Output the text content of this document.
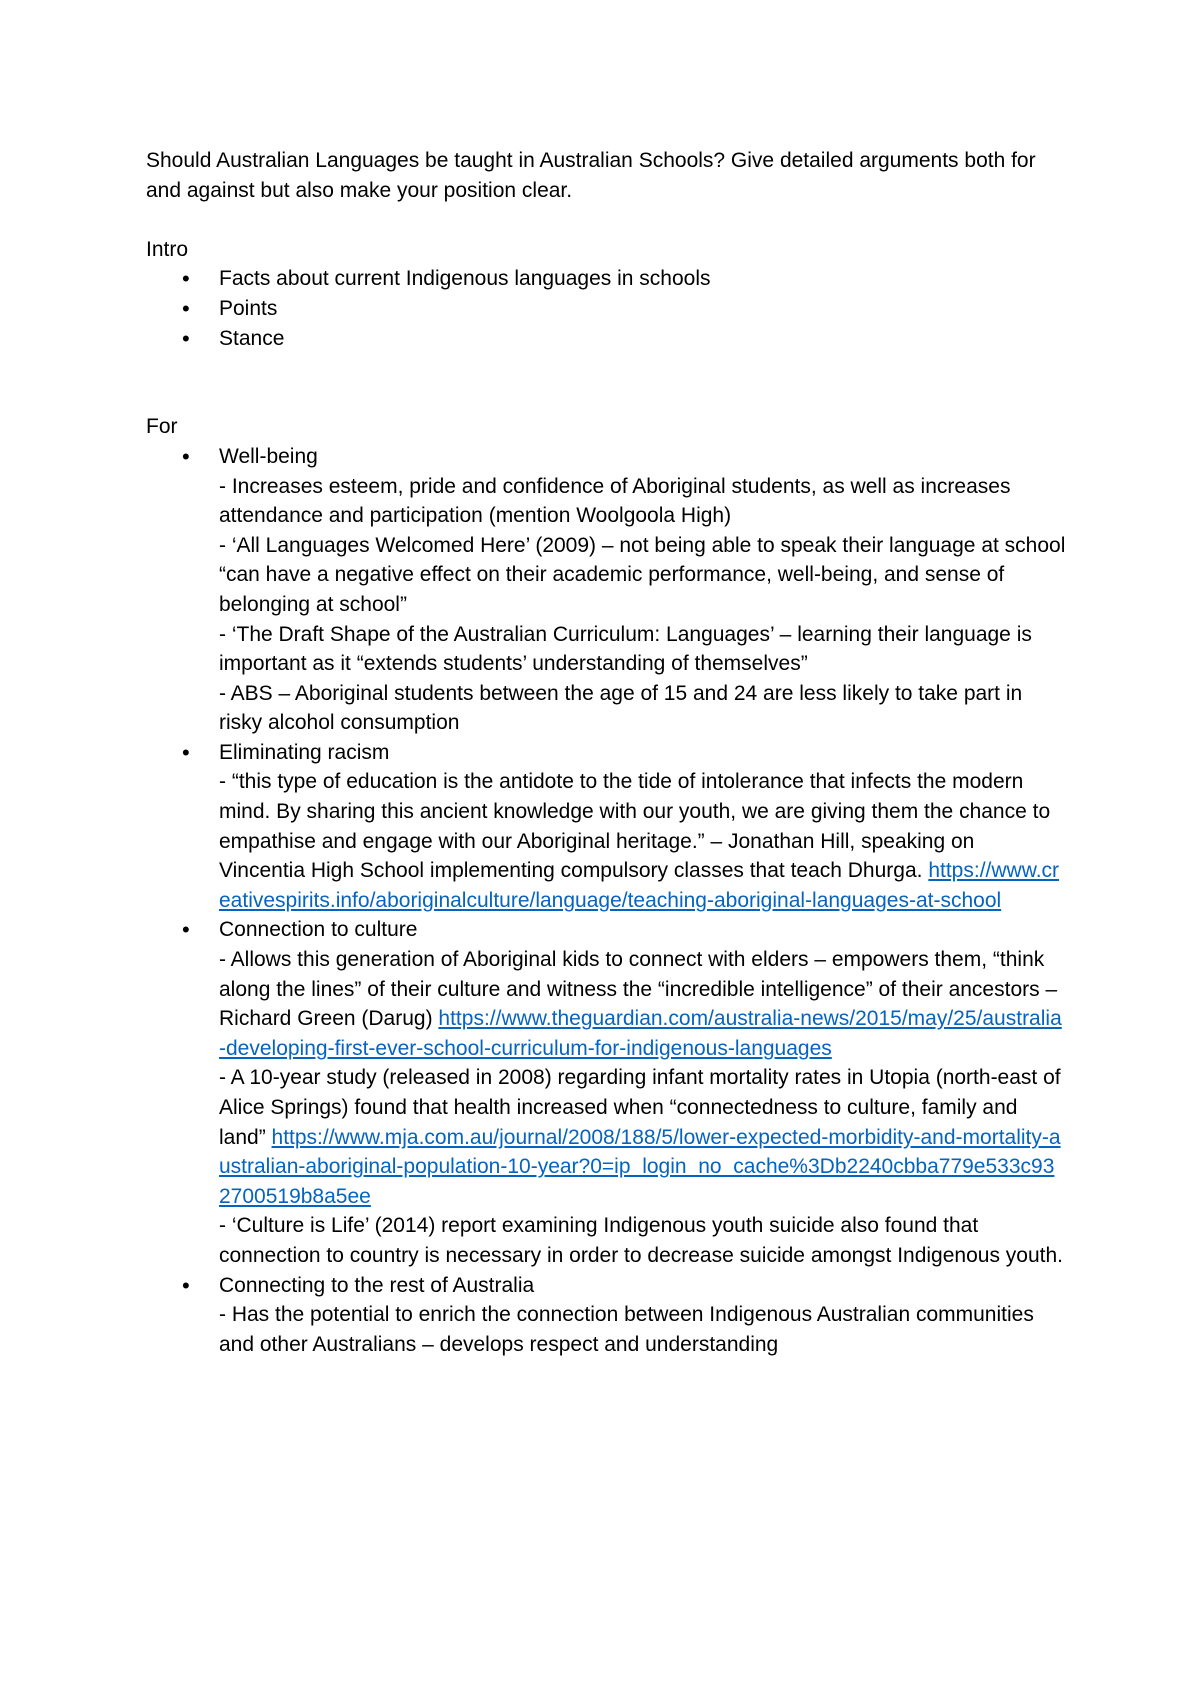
Should Australian Languages be taught in Australian Schools? Give detailed arguments both for and against but also make your position clear.

Intro

• Facts about current Indigenous languages in schools
• Points
• Stance

For

• Well-being
- Increases esteem, pride and confidence of Aboriginal students, as well as increases attendance and participation (mention Woolgoola High)
- ‘All Languages Welcomed Here’ (2009) – not being able to speak their language at school “can have a negative effect on their academic performance, well-being, and sense of belonging at school”
- ‘The Draft Shape of the Australian Curriculum: Languages’ – learning their language is important as it “extends students’ understanding of themselves”
- ABS – Aboriginal students between the age of 15 and 24 are less likely to take part in risky alcohol consumption
• Eliminating racism
- “this type of education is the antidote to the tide of intolerance that infects the modern mind. By sharing this ancient knowledge with our youth, we are giving them the chance to empathise and engage with our Aboriginal heritage.” – Jonathan Hill, speaking on Vincentia High School implementing compulsory classes that teach Dhurga. https://www.creativespirits.info/aboriginalculture/language/teaching-aboriginal-languages-at-school
• Connection to culture
- Allows this generation of Aboriginal kids to connect with elders – empowers them, “think along the lines” of their culture and witness the “incredible intelligence” of their ancestors – Richard Green (Darug) https://www.theguardian.com/australia-news/2015/may/25/australia-developing-first-ever-school-curriculum-for-indigenous-languages
- A 10-year study (released in 2008) regarding infant mortality rates in Utopia (north-east of Alice Springs) found that health increased when “connectedness to culture, family and land” https://www.mja.com.au/journal/2008/188/5/lower-expected-morbidity-and-mortality-australian-aboriginal-population-10-year?0=ip_login_no_cache%3Db2240cbba779e533c932700519b8a5ee
- ‘Culture is Life’ (2014) report examining Indigenous youth suicide also found that connection to country is necessary in order to decrease suicide amongst Indigenous youth.
• Connecting to the rest of Australia
- Has the potential to enrich the connection between Indigenous Australian communities and other Australians – develops respect and understanding
